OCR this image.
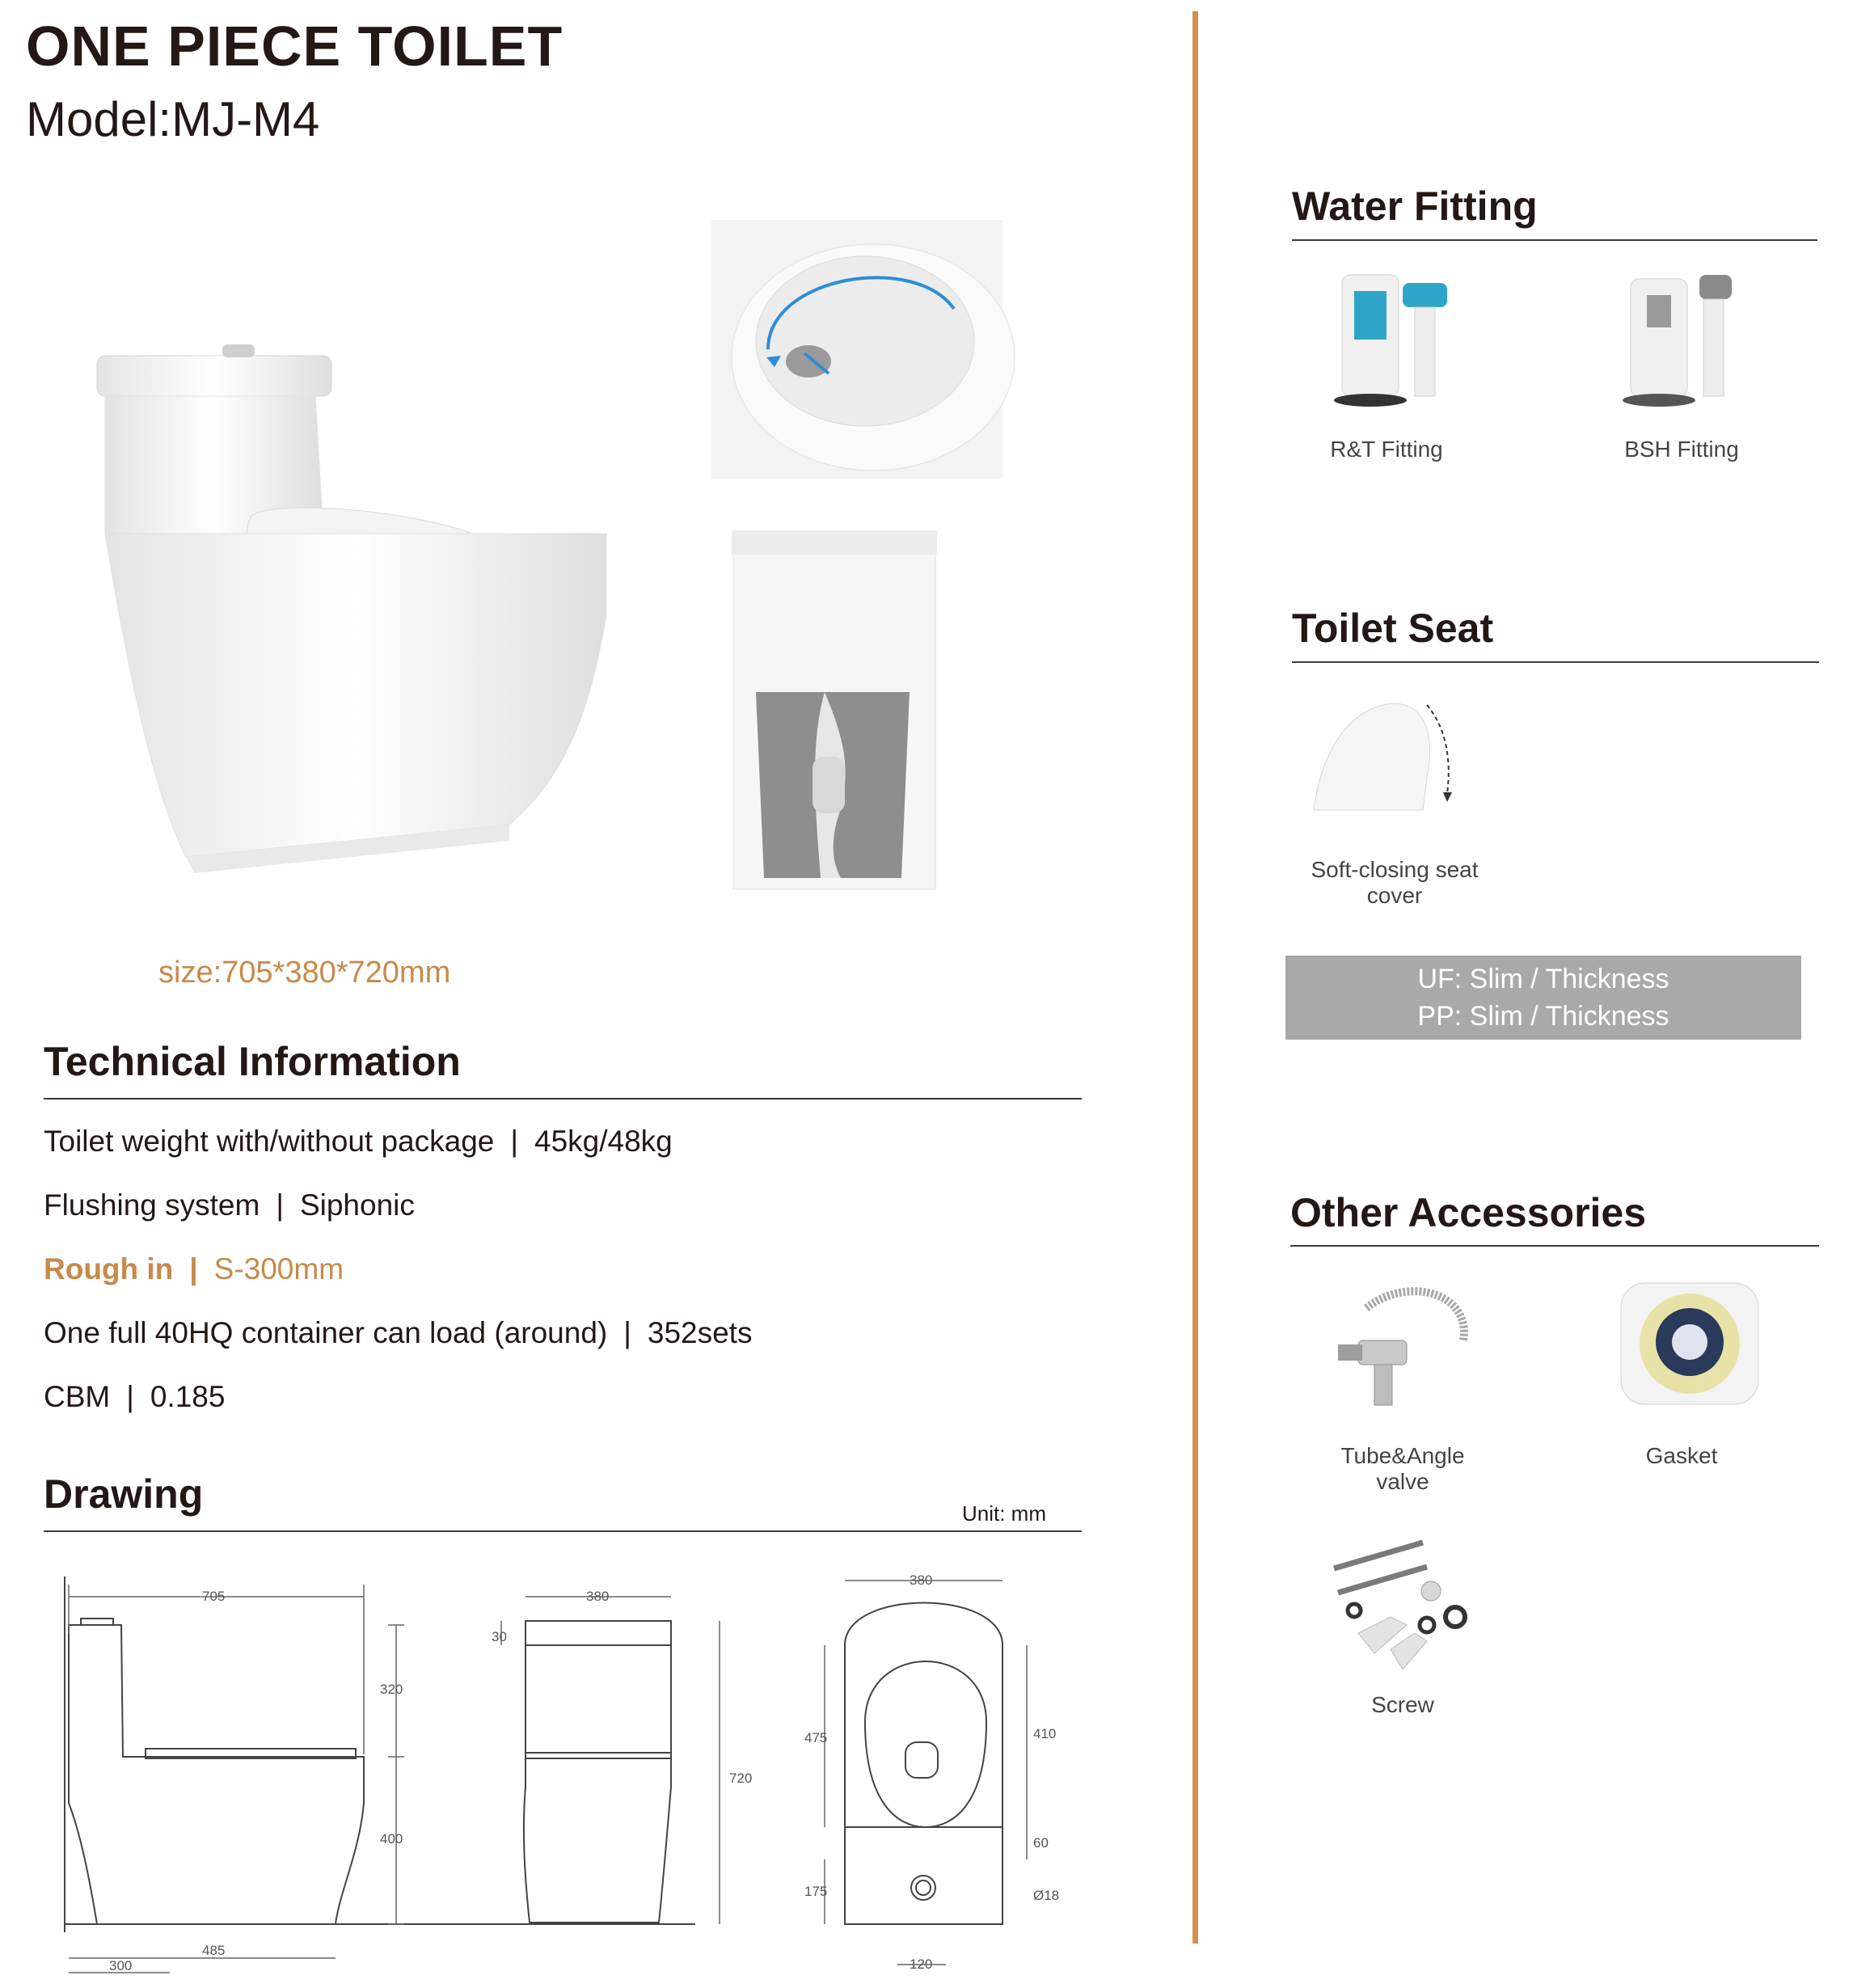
ONE PIECE TOILET
Model:MJ-M4
size:705*380*720mm
Technical Information
Toilet weight with/without package | 45kg/48kg
Flushing system | Siphonic
Rough in | S-300mm
One full 40HQ container can load (around) | 352sets
CBM | 0.185
Drawing	Unit: mm
705
320
400
485
300
380
30
720
380
475	410
60
175	Ø18
120
Water Fitting
R&T Fitting	BSH Fitting
Toilet Seat
Soft-closing seat
cover
UF: Slim / Thickness
PP: Slim / Thickness
Other Accessories
Tube&Angle
valve
Gasket
Screw
